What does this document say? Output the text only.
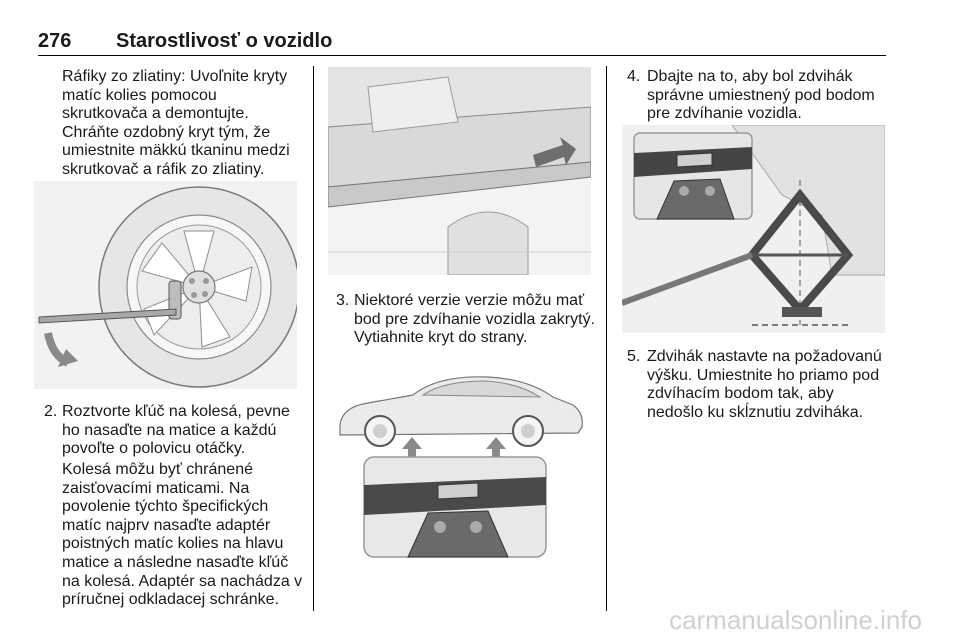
276 Starostlivosť o vozidlo
Ráfiky zo zliatiny: Uvoľnite kryty
matíc kolies pomocou
skrutkovača a demontujte.
Chráňte ozdobný kryt tým, že
umiestnite mäkkú tkaninu medzi
skrutkovač a ráfik zo zliatiny.
2. Roztvorte kľúč na kolesá, pevne
ho nasaďte na matice a každú
povoľte o polovicu otáčky.
Kolesá môžu byť chránené
zaisťovacími maticami. Na
povolenie týchto špecifických
matíc najprv nasaďte adaptér
poistných matíc kolies na hlavu
matice a následne nasaďte kľúč
na kolesá. Adaptér sa nachádza v
príručnej odkladacej schránke.
3. Niektoré verzie verzie môžu mať
bod pre zdvíhanie vozidla zakrytý.
Vytiahnite kryt do strany.
4. Dbajte na to, aby bol zdvihák
správne umiestnený pod bodom
pre zdvíhanie vozidla.
5. Zdvihák nastavte na požadovanú
výšku. Umiestnite ho priamo pod
zdvíhacím bodom tak, aby
nedošlo ku skĺznutiu zdviháka.
carmanualsonline.info
